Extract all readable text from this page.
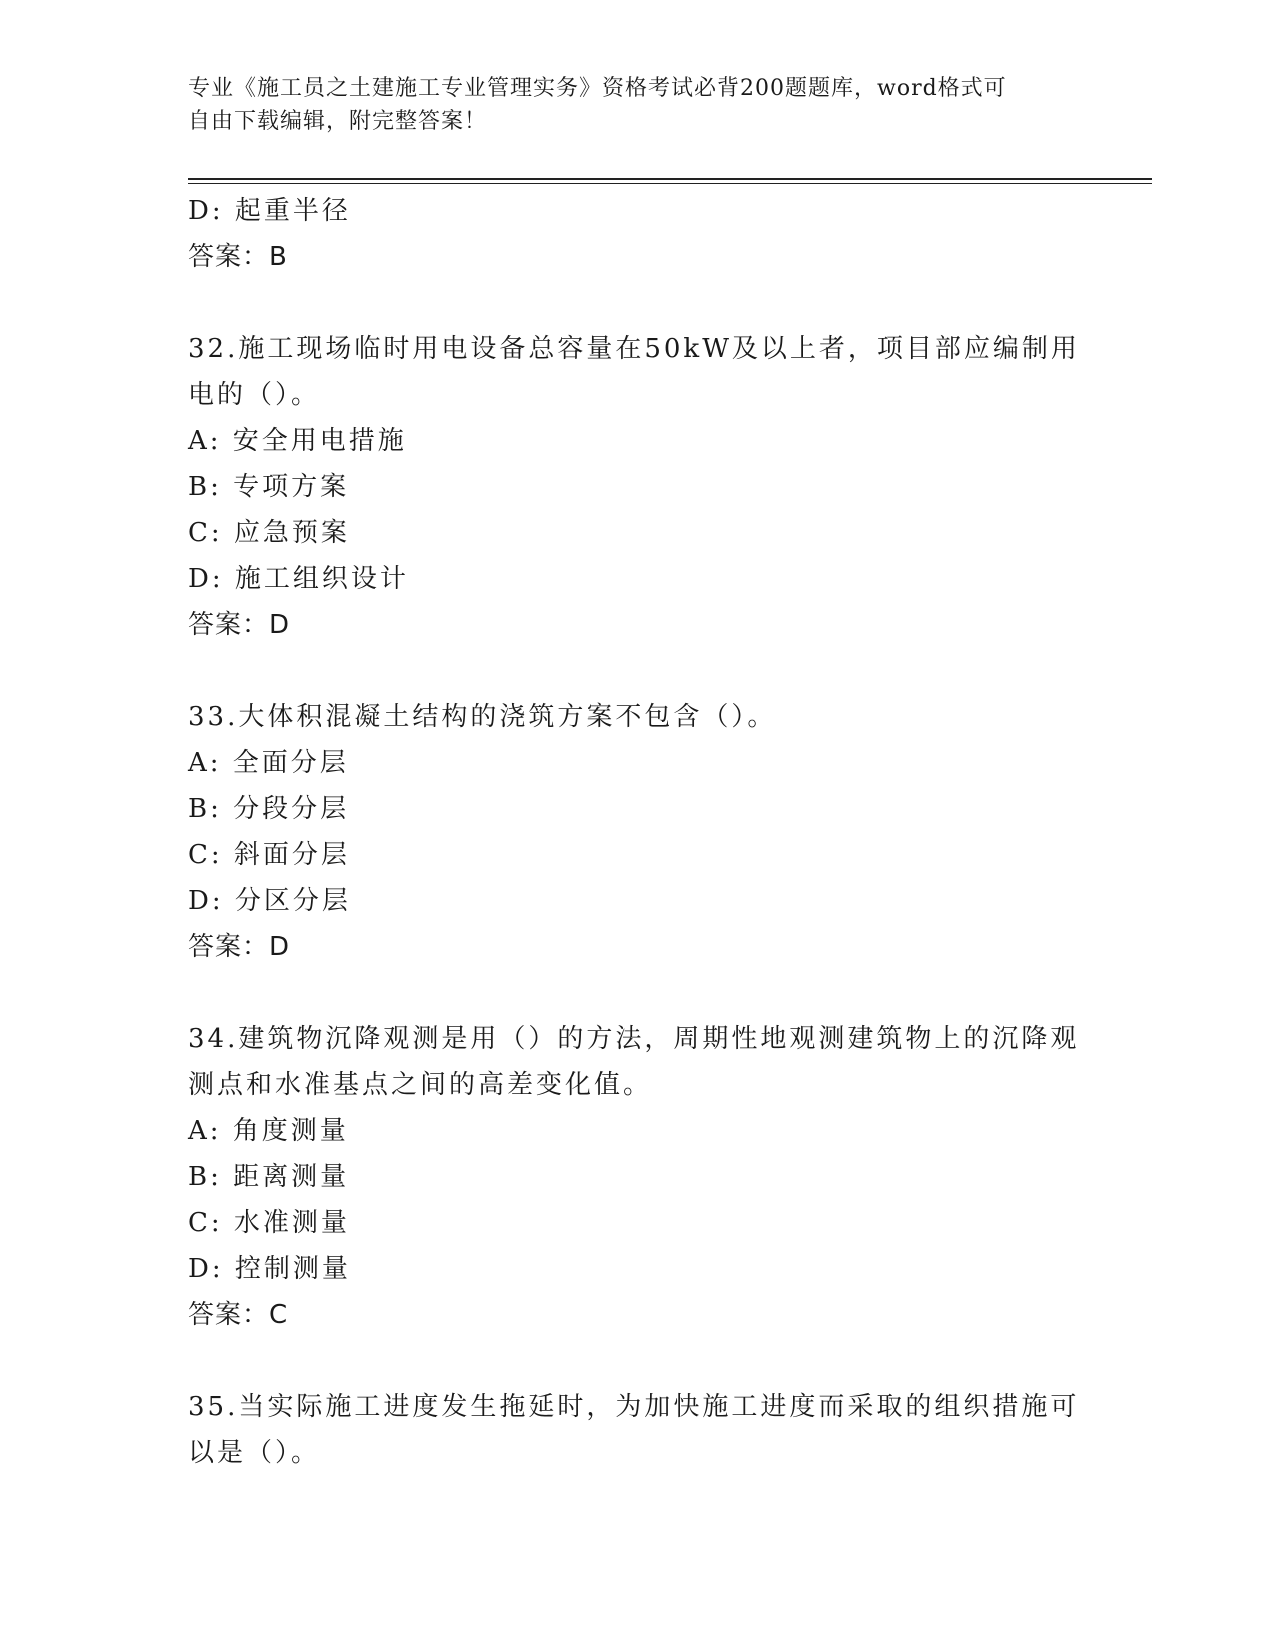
专业《施工员之土建施工专业管理实务》资格考试必背200题题库，word格式可
自由下载编辑，附完整答案！
D: 起重半径
答案：B
32.施工现场临时用电设备总容量在50kW及以上者，项目部应编制用
电的（）。
A: 安全用电措施
B: 专项方案
C: 应急预案
D: 施工组织设计
答案：D
33.大体积混凝土结构的浇筑方案不包含（）。
A: 全面分层
B: 分段分层
C: 斜面分层
D: 分区分层
答案：D
34.建筑物沉降观测是用（）的方法，周期性地观测建筑物上的沉降观
测点和水准基点之间的高差变化值。
A: 角度测量
B: 距离测量
C: 水准测量
D: 控制测量
答案：C
35.当实际施工进度发生拖延时，为加快施工进度而采取的组织措施可
以是（）。
